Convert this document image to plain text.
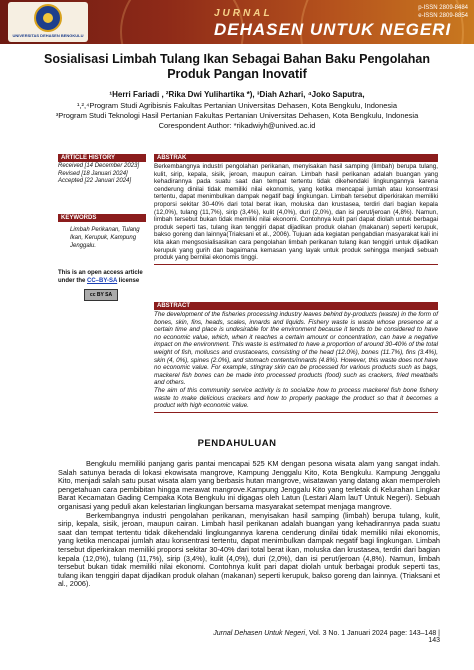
UNIVERSITAS DEHASEN BENGKULU
JURNAL
DEHASEN UNTUK NEGERI
p-ISSN 2809-8484
e-ISSN 2809-8854
Sosialisasi Limbah Tulang Ikan Sebagai Bahan Baku Pengolahan Produk Pangan Inovatif
¹Herri Fariadi , ²Rika Dwi Yulihartika *), ³Diah Azhari, ⁴Joko Saputra,
¹,²,⁴Program Studi Agribisnis Fakultas Pertanian Universitas Dehasen, Kota Bengkulu, Indonesia
³Program Studi Teknologi Hasil Pertanian Fakultas Pertanian Universitas Dehasen, Kota Bengkulu, Indonesia
Corespondent Author: *rikadwiyh@unived.ac.id
ARTICLE HISTORY
Received [14 December 2023]
Revised [18 Januari 2024]
Accepted [22 Januari 2024]
KEYWORDS
Limbah Perikanan, Tulang Ikan, Kerupuk, Kampung Jenggalu.
This is an open access article under the CC–BY-SA license
cc BY SA
ABSTRAK
Berkembangnya industri pengolahan perikanan, menyisakan hasil samping (limbah) berupa tulang, kulit, sirip, kepala, sisik, jeroan, maupun cairan. Limbah hasil perikanan adalah buangan yang kehadirannya pada suatu saat dan tempat tertentu tidak dikehendaki lingkungannya karena cenderung dinilai tidak memiliki nilai ekonomis, yang ketika mencapai jumlah atau konsentrasi tertentu, dapat menimbulkan dampak negatif bagi lingkungan. Limbah tersebut diperkirakan memiliki proporsi sekitar 30-40% dari total berat ikan, moluska dan krustasea, terdiri dari bagian kepala (12,0%), tulang (11,7%), sirip (3,4%), kulit (4,0%), duri (2,0%), dan isi perut/jeroan (4,8%). Namun, limbah tersebut bukan tidak memiliki nilai ekonomi. Contohnya kulit pari dapat diolah untuk berbagai produk seperti tas, tulang ikan tenggiri dapat dijadikan produk olahan (makanan) seperti kerupuk, bakso goreng dan lainnya(Triaksani et al., 2006). Tujuan ada kegiatan pengabdian masyarakat kali ini kita akan mengsosialisasikan cara pengolahan limbah perikanan tulang ikan tenggiri untuk dijadikan kerupuk yang gurih dan bagaimana kemasan yang layak untuk produk sehingga menjadi sebuah produk yang bernilai ekonomis tinggi.
ABSTRACT
The development of the fisheries processing industry leaves behind by-products (waste) in the form of bones, skin, fins, heads, scales, innards and liquids. Fishery waste is waste whose presence at a certain time and place is undesirable for the environment because it tends to be considered to have no economic value, which, when it reaches a certain amount or concentration, can have a negative impact on the environment. This waste is estimated to have a proportion of around 30-40% of the total weight of fish, molluscs and crustaceans, consisting of the head (12.0%), bones (11.7%), fins (3.4%), skin (4, 0%), spines (2.0%), and stomach contents/innards (4.8%). However, this waste does not have no economic value. For example, stingray skin can be processed for various products such as bags, mackerel fish bones can be made into processed products (food) such as crackers, fried meatballs and others.
The aim of this community service activity is to socialize how to process mackerel fish bone fishery waste to make delicious crackers and how to properly package the product so that it becomes a product with high economic value.
PENDAHULUAN

Bengkulu memiliki panjang garis pantai mencapai 525 KM dengan pesona wisata alam yang sangat indah. Salah satunya berada di lokasi ekowisata mangrove, Kampung Jenggalu Kito, Kota Bengkulu. Kampung Jenggalu Kito, menjadi salah satu pusat wisata alam yang berbasis hutan mangrove, wisatawan yang datang akan memperoleh pengetahuan cara pembibitan hingga merawat mangrove.Kampung Jenggalu Kito yang terletak di Kelurahan Lingkar Barat Kecamatan Gading Cempaka Kota Bengkulu ini digagas oleh Latun (Lestari Alam lauT Untuk Negeri). Sebuah organisasi yang peduli akan kelestarian lingkungan bersama masyarakat setempat menjaga mangrove.

Berkembangnya industri pengolahan perikanan, menyisakan hasil samping (limbah) berupa tulang, kulit, sirip, kepala, sisik, jeroan, maupun cairan. Limbah hasil perikanan adalah buangan yang kehadirannya pada suatu saat dan tempat tertentu tidak dikehendaki lingkungannya karena cenderung dinilai tidak memiliki nilai ekonomis, yang ketika mencapai jumlah atau konsentrasi tertentu, dapat menimbulkan dampak negatif bagi lingkungan. Limbah tersebut diperkirakan memiliki proporsi sekitar 30-40% dari total berat ikan, moluska dan krustasea, terdiri dari bagian kepala (12,0%), tulang (11,7%), sirip (3,4%), kulit (4,0%), duri (2,0%), dan isi perut/jeroan (4,8%). Namun, limbah tersebut bukan tidak memiliki nilai ekonomi. Contohnya kulit pari dapat diolah untuk berbagai produk seperti tas, tulang ikan tenggiri dapat dijadikan produk olahan (makanan) seperti kerupuk, bakso goreng dan lainnya. (Triaksani et al., 2006).

Jurnal Dehasen Untuk Negeri, Vol. 3 No. 1 Januari 2024 page: 143–148 | 143
